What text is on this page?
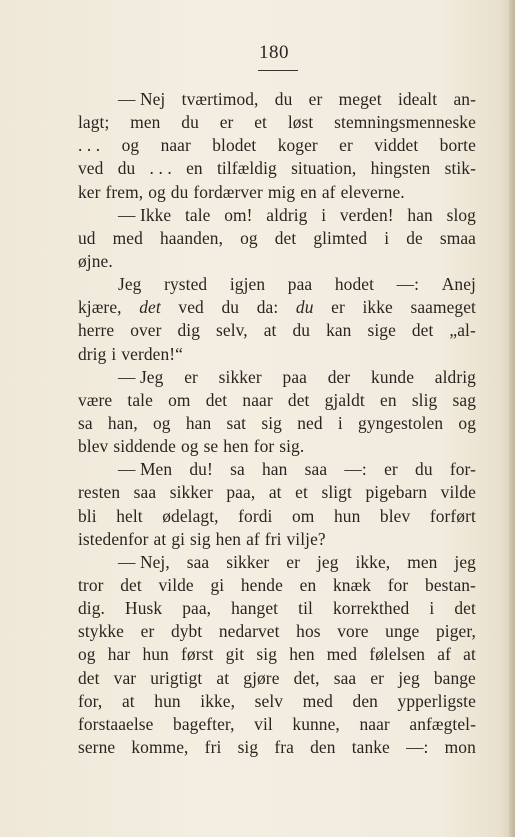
180
— Nej tværtimod, du er meget idealt an-
lagt; men du er et løst stemningsmenneske
. . . og naar blodet koger er viddet borte
ved du . . . en tilfældig situation, hingsten stik-
ker frem, og du fordærver mig en af eleverne.
— Ikke tale om! aldrig i verden! han slog
ud med haanden, og det glimted i de smaa
øjne.
Jeg rysted igjen paa hodet —: Anej
kjære, det ved du da: du er ikke saameget
herre over dig selv, at du kan sige det „al-
drig i verden!“
— Jeg er sikker paa der kunde aldrig
være tale om det naar det gjaldt en slig sag
sa han, og han sat sig ned i gyngestolen og
blev siddende og se hen for sig.
— Men du! sa han saa —: er du for-
resten saa sikker paa, at et sligt pigebarn vilde
bli helt ødelagt, fordi om hun blev forført
istedenfor at gi sig hen af fri vilje?
— Nej, saa sikker er jeg ikke, men jeg
tror det vilde gi hende en knæk for bestan-
dig. Husk paa, hanget til korrekthed i det
stykke er dybt nedarvet hos vore unge piger,
og har hun først git sig hen med følelsen af at
det var urigtigt at gjøre det, saa er jeg bange
for, at hun ikke, selv med den ypperligste
forstaaelse bagefter, vil kunne, naar anfægtel-
serne komme, fri sig fra den tanke —: mon
